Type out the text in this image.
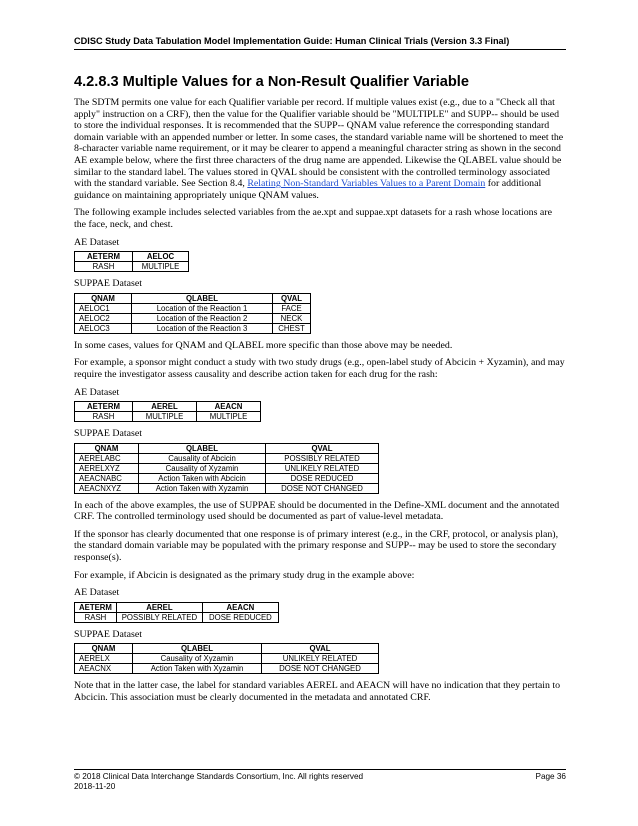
CDISC Study Data Tabulation Model Implementation Guide: Human Clinical Trials (Version 3.3 Final)
4.2.8.3 Multiple Values for a Non-Result Qualifier Variable

The SDTM permits one value for each Qualifier variable per record. If multiple values exist (e.g., due to a "Check all that apply" instruction on a CRF), then the value for the Qualifier variable should be "MULTIPLE" and SUPP-- should be used to store the individual responses. It is recommended that the SUPP-- QNAM value reference the corresponding standard domain variable with an appended number or letter. In some cases, the standard variable name will be shortened to meet the 8-character variable name requirement, or it may be clearer to append a meaningful character string as shown in the second AE example below, where the first three characters of the drug name are appended. Likewise the QLABEL value should be similar to the standard label. The values stored in QVAL should be consistent with the controlled terminology associated with the standard variable. See Section 8.4, Relating Non-Standard Variables Values to a Parent Domain for additional guidance on maintaining appropriately unique QNAM values.

The following example includes selected variables from the ae.xpt and suppae.xpt datasets for a rash whose locations are the face, neck, and chest.

AE Dataset
AETERM	AELOC
RASH	MULTIPLE
SUPPAE Dataset
QNAM	QLABEL	QVAL
AELOC1	Location of the Reaction 1	FACE
AELOC2	Location of the Reaction 2	NECK
AELOC3	Location of the Reaction 3	CHEST

In some cases, values for QNAM and QLABEL more specific than those above may be needed.

For example, a sponsor might conduct a study with two study drugs (e.g., open-label study of Abcicin + Xyzamin), and may require the investigator assess causality and describe action taken for each drug for the rash:

AE Dataset
AETERM	AEREL	AEACN
RASH	MULTIPLE	MULTIPLE
SUPPAE Dataset
QNAM	QLABEL	QVAL
AERELABC	Causality of Abcicin	POSSIBLY RELATED
AERELXYZ	Causality of Xyzamin	UNLIKELY RELATED
AEACNABC	Action Taken with Abcicin	DOSE REDUCED
AEACNXYZ	Action Taken with Xyzamin	DOSE NOT CHANGED

In each of the above examples, the use of SUPPAE should be documented in the Define-XML document and the annotated CRF. The controlled terminology used should be documented as part of value-level metadata.

If the sponsor has clearly documented that one response is of primary interest (e.g., in the CRF, protocol, or analysis plan), the standard domain variable may be populated with the primary response and SUPP-- may be used to store the secondary response(s).

For example, if Abcicin is designated as the primary study drug in the example above:

AE Dataset
AETERM	AEREL	AEACN
RASH	POSSIBLY RELATED	DOSE REDUCED
SUPPAE Dataset
QNAM	QLABEL	QVAL
AERELX	Causality of Xyzamin	UNLIKELY RELATED
AEACNX	Action Taken with Xyzamin	DOSE NOT CHANGED

Note that in the latter case, the label for standard variables AEREL and AEACN will have no indication that they pertain to Abcicin. This association must be clearly documented in the metadata and annotated CRF.

© 2018 Clinical Data Interchange Standards Consortium, Inc. All rights reserved	Page 36
2018-11-20
